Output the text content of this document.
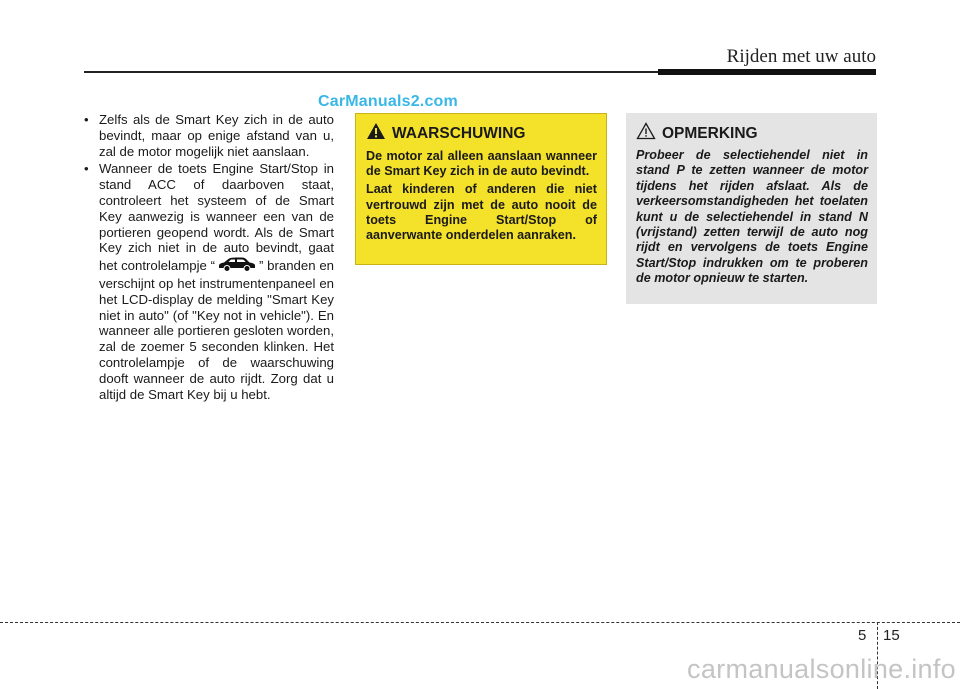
Rijden met uw auto
CarManuals2.com
• Zelfs als de Smart Key zich in de auto bevindt, maar op enige afstand van u, zal de motor mogelijk niet aanslaan.
• Wanneer de toets Engine Start/Stop in stand ACC of daarboven staat, controleert het systeem of de Smart Key aanwezig is wanneer een van de portieren geopend wordt. Als de Smart Key zich niet in de auto bevindt, gaat het controlelampje “	” branden en verschijnt op het instrumentenpaneel en het LCD-display de melding "Smart Key niet in auto" (of "Key not in vehicle"). En wanneer alle portieren gesloten worden, zal de zoemer 5 seconden klinken. Het controlelampje of de waarschuwing dooft wanneer de auto rijdt. Zorg dat u altijd de Smart Key bij u hebt.
WAARSCHUWING

De motor zal alleen aanslaan wanneer de Smart Key zich in de auto bevindt.

Laat kinderen of anderen die niet vertrouwd zijn met de auto nooit de toets Engine Start/Stop of aanverwante onderdelen aanraken.

OPMERKING

Probeer de selectiehendel niet in stand P te zetten wanneer de motor tijdens het rijden afslaat. Als de verkeersomstandigheden het toelaten kunt u de selectiehendel in stand N (vrijstand) zetten terwijl de auto nog rijdt en vervolgens de toets Engine Start/Stop indrukken om te proberen de motor opnieuw te starten.

5 15
carmanualsonline.info
